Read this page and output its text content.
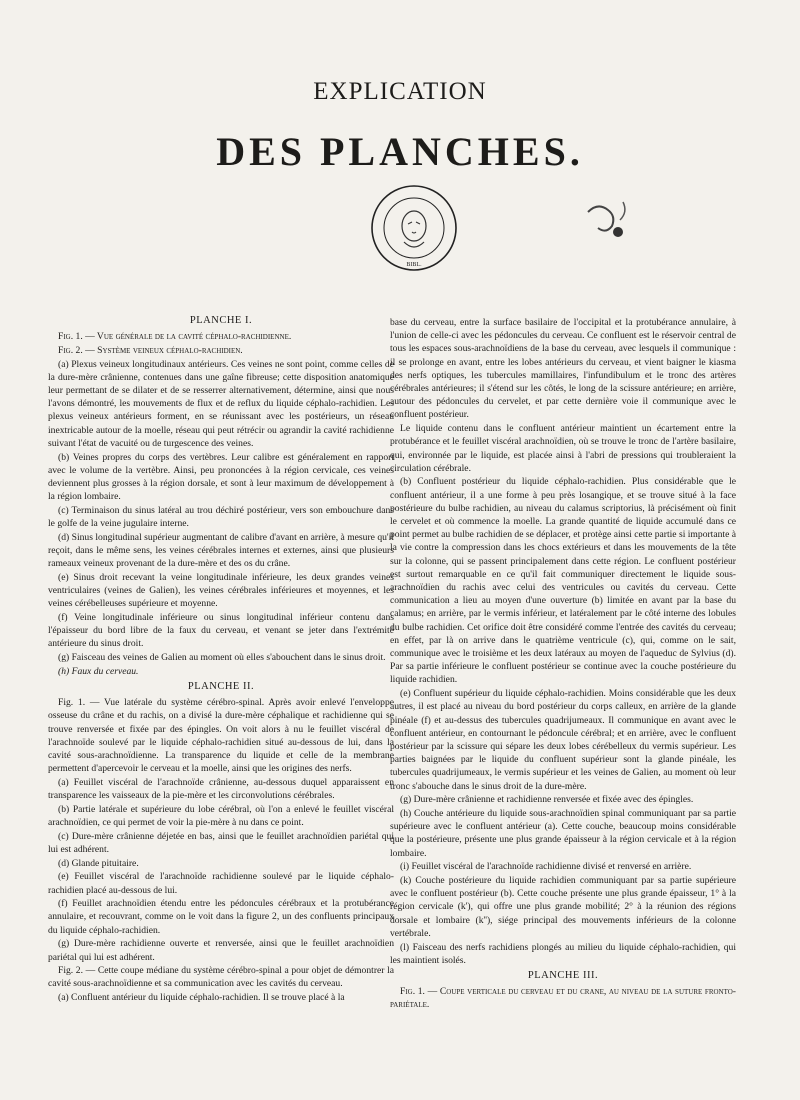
EXPLICATION
DES PLANCHES.
BIBL.
PLANCHE I.

Fig. 1. — Vue générale de la cavité céphalo-rachidienne.

Fig. 2. — Système veineux céphalo-rachidien.

(a) Plexus veineux longitudinaux antérieurs. Ces veines ne sont point, comme celles de la dure-mère crânienne, contenues dans une gaîne fibreuse; cette disposition anatomique leur permettant de se dilater et de se resserrer alternativement, détermine, ainsi que nous l'avons démontré, les mouvements de flux et de reflux du liquide céphalo-rachidien. Les plexus veineux antérieurs forment, en se réunissant avec les postérieurs, un réseau inextricable autour de la moelle, réseau qui peut rétrécir ou agrandir la cavité rachidienne suivant l'état de vacuité ou de turgescence des veines.

(b) Veines propres du corps des vertèbres. Leur calibre est généralement en rapport avec le volume de la vertèbre. Ainsi, peu prononcées à la région cervicale, ces veines deviennent plus grosses à la région dorsale, et sont à leur maximum de développement à la région lombaire.

(c) Terminaison du sinus latéral au trou déchiré postérieur, vers son embouchure dans le golfe de la veine jugulaire interne.

(d) Sinus longitudinal supérieur augmentant de calibre d'avant en arrière, à mesure qu'il reçoit, dans le même sens, les veines cérébrales internes et externes, ainsi que plusieurs rameaux veineux provenant de la dure-mère et des os du crâne.

(e) Sinus droit recevant la veine longitudinale inférieure, les deux grandes veines ventriculaires (veines de Galien), les veines cérébrales inférieures et moyennes, et les veines cérébelleuses supérieure et moyenne.

(f) Veine longitudinale inférieure ou sinus longitudinal inférieur contenu dans l'épaisseur du bord libre de la faux du cerveau, et venant se jeter dans l'extrémité antérieure du sinus droit.

(g) Faisceau des veines de Galien au moment où elles s'abouchent dans le sinus droit.

(h) Faux du cerveau.

PLANCHE II.

Fig. 1. — Vue latérale du système cérébro-spinal. Après avoir enlevé l'enveloppe osseuse du crâne et du rachis, on a divisé la dure-mère céphalique et rachidienne qui se trouve renversée et fixée par des épingles. On voit alors à nu le feuillet viscéral de l'arachnoïde soulevé par le liquide céphalo-rachidien situé au-dessous de lui, dans la cavité sous-arachnoïdienne. La transparence du liquide et celle de la membrane permettent d'apercevoir le cerveau et la moelle, ainsi que les origines des nerfs.

(a) Feuillet viscéral de l'arachnoïde crânienne, au-dessous duquel apparaissent en transparence les vaisseaux de la pie-mère et les circonvolutions cérébrales.

(b) Partie latérale et supérieure du lobe cérébral, où l'on a enlevé le feuillet viscéral arachnoïdien, ce qui permet de voir la pie-mère à nu dans ce point.

(c) Dure-mère crânienne déjetée en bas, ainsi que le feuillet arachnoïdien pariétal qui lui est adhérent.

(d) Glande pituitaire.

(e) Feuillet viscéral de l'arachnoïde rachidienne soulevé par le liquide céphalo-rachidien placé au-dessous de lui.

(f) Feuillet arachnoïdien étendu entre les pédoncules cérébraux et la protubérance annulaire, et recouvrant, comme on le voit dans la figure 2, un des confluents principaux du liquide céphalo-rachidien.

(g) Dure-mère rachidienne ouverte et renversée, ainsi que le feuillet arachnoïdien pariétal qui lui est adhérent.

Fig. 2. — Cette coupe médiane du système cérébro-spinal a pour objet de démontrer la cavité sous-arachnoïdienne et sa communication avec les cavités du cerveau.

(a) Confluent antérieur du liquide céphalo-rachidien. Il se trouve placé à la

base du cerveau, entre la surface basilaire de l'occipital et la protubérance annulaire, à l'union de celle-ci avec les pédoncules du cerveau. Ce confluent est le réservoir central de tous les espaces sous-arachnoïdiens de la base du cerveau, avec lesquels il communique : il se prolonge en avant, entre les lobes antérieurs du cerveau, et vient baigner le kiasma des nerfs optiques, les tubercules mamillaires, l'infundibulum et le tronc des artères cérébrales antérieures; il s'étend sur les côtés, le long de la scissure antérieure; en arrière, autour des pédoncules du cervelet, et par cette dernière voie il communique avec le confluent postérieur.

Le liquide contenu dans le confluent antérieur maintient un écartement entre la protubérance et le feuillet viscéral arachnoïdien, où se trouve le tronc de l'artère basilaire, qui, environnée par le liquide, est placée ainsi à l'abri de pressions qui troubleraient la circulation cérébrale.

(b) Confluent postérieur du liquide céphalo-rachidien. Plus considérable que le confluent antérieur, il a une forme à peu près losangique, et se trouve situé à la face postérieure du bulbe rachidien, au niveau du calamus scriptorius, là précisément où finit le cervelet et où commence la moelle. La grande quantité de liquide accumulé dans ce point permet au bulbe rachidien de se déplacer, et protège ainsi cette partie si importante à la vie contre la compression dans les chocs extérieurs et dans les mouvements de la tête sur la colonne, qui se passent principalement dans cette région. Le confluent postérieur est surtout remarquable en ce qu'il fait communiquer directement le liquide sous-arachnoïdien du rachis avec celui des ventricules ou cavités du cerveau. Cette communication a lieu au moyen d'une ouverture (b) limitée en avant par la base du calamus; en arrière, par le vermis inférieur, et latéralement par le côté interne des lobules du bulbe rachidien. Cet orifice doit être considéré comme l'entrée des cavités du cerveau; en effet, par là on arrive dans le quatrième ventricule (c), qui, comme on le sait, communique avec le troisième et les deux latéraux au moyen de l'aqueduc de Sylvius (d). Par sa partie inférieure le confluent postérieur se continue avec la couche postérieure du liquide rachidien.

(e) Confluent supérieur du liquide céphalo-rachidien. Moins considérable que les deux autres, il est placé au niveau du bord postérieur du corps calleux, en arrière de la glande pinéale (f) et au-dessus des tubercules quadrijumeaux. Il communique en avant avec le confluent antérieur, en contournant le pédoncule cérébral; et en arrière, avec le confluent postérieur par la scissure qui sépare les deux lobes cérébelleux du vermis supérieur. Les parties baignées par le liquide du confluent supérieur sont la glande pinéale, les tubercules quadrijumeaux, le vermis supérieur et les veines de Galien, au moment où leur tronc s'abouche dans le sinus droit de la dure-mère.

(g) Dure-mère crânienne et rachidienne renversée et fixée avec des épingles.

(h) Couche antérieure du liquide sous-arachnoïdien spinal communiquant par sa partie supérieure avec le confluent antérieur (a). Cette couche, beaucoup moins considérable que la postérieure, présente une plus grande épaisseur à la région cervicale et à la région lombaire.

(i) Feuillet viscéral de l'arachnoïde rachidienne divisé et renversé en arrière.

(k) Couche postérieure du liquide rachidien communiquant par sa partie supérieure avec le confluent postérieur (b). Cette couche présente une plus grande épaisseur, 1° à la région cervicale (k'), qui offre une plus grande mobilité; 2° à la réunion des régions dorsale et lombaire (k''), siége principal des mouvements inférieurs de la colonne vertébrale.

(l) Faisceau des nerfs rachidiens plongés au milieu du liquide céphalo-rachidien, qui les maintient isolés.

PLANCHE III.

Fig. 1. — Coupe verticale du cerveau et du crane, au niveau de la suture fronto-pariétale.
